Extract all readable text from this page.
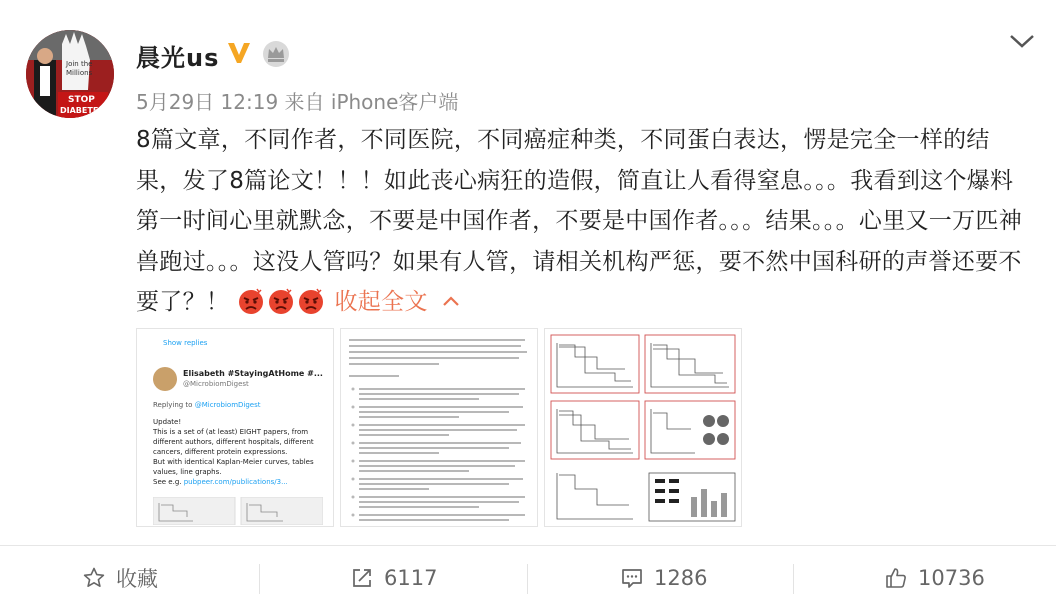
Join the
Millions
STOP
DIABETES
晨光us
5月29日 12:19 来自 iPhone客户端
8篇文章，不同作者，不同医院，不同癌症种类，不同蛋白表达，愣是完全一样的结果，发了8篇论文！！！如此丧心病狂的造假，简直让人看得窒息。。。我看到这个爆料第一时间心里就默念，不要是中国作者，不要是中国作者。。。结果。。。心里又一万匹神兽跑过。。。这没人管吗？如果有人管，请相关机构严惩，要不然中国科研的声誉还要不要了？！	收起全文
Show replies
Elisabeth #StayingAtHome #...
@MicrobiomDigest
Replying to @MicrobiomDigest
Update!
This is a set of (at least) EIGHT papers, from
different authors, different hospitals, different
cancers, different protein expressions.
But with identical Kaplan-Meier curves, tables
values, line graphs.
See e.g. pubpeer.com/publications/3...
收藏	6117	1286	10736
